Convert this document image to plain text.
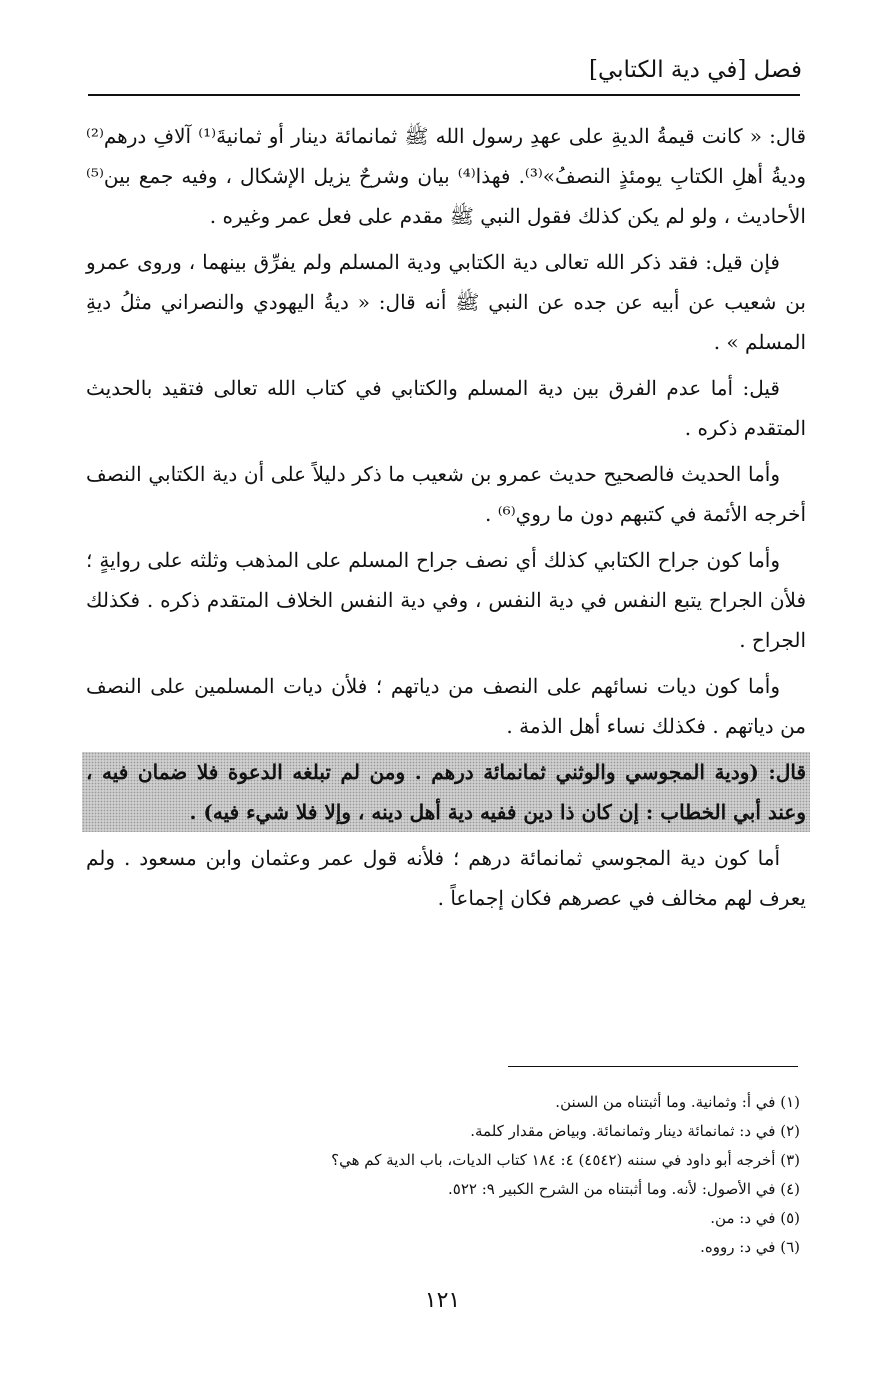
فصل [في دية الكتابي]

قال: « كانت قيمةُ الديةِ على عهدِ رسول الله ﷺ ثمانمائة دينار أو ثمانيةَ⁽¹⁾ آلافِ درهم⁽²⁾ وديةُ أهلِ الكتابِ يومئذٍ النصفُ»⁽³⁾. فهذا⁽⁴⁾ بيان وشرحٌ يزيل الإشكال ، وفيه جمع بين⁽⁵⁾ الأحاديث ، ولو لم يكن كذلك فقول النبي ﷺ مقدم على فعل عمر وغيره .

فإن قيل: فقد ذكر الله تعالى دية الكتابي ودية المسلم ولم يفرِّق بينهما ، وروى عمرو بن شعيب عن أبيه عن جده عن النبي ﷺ أنه قال: « ديةُ اليهودي والنصراني مثلُ ديةِ المسلم » .

قيل: أما عدم الفرق بين دية المسلم والكتابي في كتاب الله تعالى فتقيد بالحديث المتقدم ذكره .

وأما الحديث فالصحيح حديث عمرو بن شعيب ما ذكر دليلاً على أن دية الكتابي النصف أخرجه الأئمة في كتبهم دون ما روي⁽⁶⁾ .

وأما كون جراح الكتابي كذلك أي نصف جراح المسلم على المذهب وثلثه على روايةٍ ؛ فلأن الجراح يتبع النفس في دية النفس ، وفي دية النفس الخلاف المتقدم ذكره . فكذلك الجراح .

وأما كون ديات نسائهم على النصف من دياتهم ؛ فلأن ديات المسلمين على النصف من دياتهم . فكذلك نساء أهل الذمة .

قال: (ودية المجوسي والوثني ثمانمائة درهم . ومن لم تبلغه الدعوة فلا ضمان فيه ، وعند أبي الخطاب : إن كان ذا دين ففيه دية أهل دينه ، وإلا فلا شيء فيه) .

أما كون دية المجوسي ثمانمائة درهم ؛ فلأنه قول عمر وعثمان وابن مسعود . ولم يعرف لهم مخالف في عصرهم فكان إجماعاً .

(١) في أ: وثمانية. وما أثبتناه من السنن.

(٢) في د: ثمانمائة دينار وثمانمائة. وبياض مقدار كلمة.

(٣) أخرجه أبو داود في سننه (٤٥٤٢) ٤: ١٨٤ كتاب الديات، باب الدية كم هي؟

(٤) في الأصول: لأنه. وما أثبتناه من الشرح الكبير ٩: ٥٢٢.

(٥) في د: من.

(٦) في د: رووه.

١٢١
